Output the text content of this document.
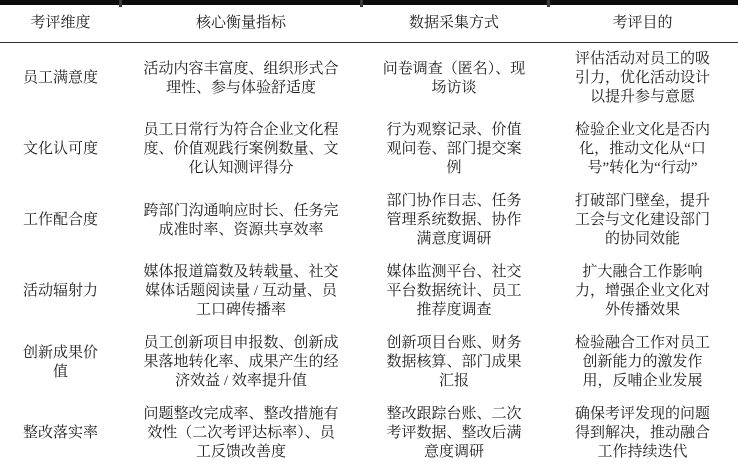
考评维度	核心衡量指标	数据采集方式	考评目的
员工满意度	活动内容丰富度、组织形式合理性、参与体验舒适度	问卷调查（匿名）、现场访谈	评估活动对员工的吸引力，优化活动设计以提升参与意愿
文化认可度	员工日常行为符合企业文化程度、价值观践行案例数量、文化认知测评得分	行为观察记录、价值观问卷、部门提交案例	检验企业文化是否内化，推动文化从“口号”转化为“行动”
工作配合度	跨部门沟通响应时长、任务完成准时率、资源共享效率	部门协作日志、任务管理系统数据、协作满意度调研	打破部门壁垒，提升工会与文化建设部门的协同效能
活动辐射力	媒体报道篇数及转载量、社交媒体话题阅读量 / 互动量、员工口碑传播率	媒体监测平台、社交平台数据统计、员工推荐度调查	扩大融合工作影响力，增强企业文化对外传播效果
创新成果价值	员工创新项目申报数、创新成果落地转化率、成果产生的经济效益 / 效率提升值	创新项目台账、财务数据核算、部门成果汇报	检验融合工作对员工创新能力的激发作用，反哺企业发展
整改落实率	问题整改完成率、整改措施有效性（二次考评达标率）、员工反馈改善度	整改跟踪台账、二次考评数据、整改后满意度调研	确保考评发现的问题得到解决，推动融合工作持续迭代
